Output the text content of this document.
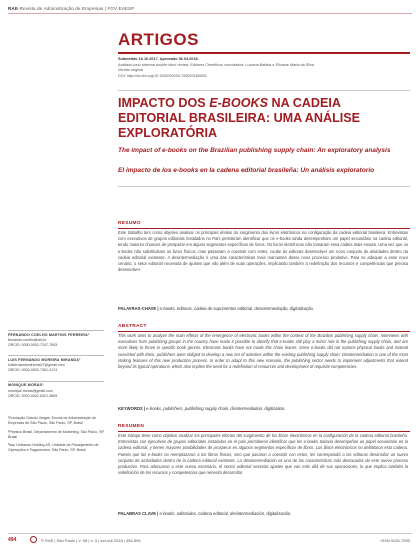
RAE-Revista de Administração de Empresas | FGV EAESP
ARTIGOS
Submetido 16.10.2017. Aprovado 06.04.2018.
Avaliado pelo sistema double blind review. Editores Científicos convidados: Luciana Batista e Eliciane Maria da Silva
Versão original
DOI: http://dx.doi.org/10.1590/S0034-759020180605
IMPACTO DOS E-BOOKS NA CADEIA EDITORIAL BRASILEIRA: UMA ANÁLISE EXPLORATÓRIA
The impact of e-books on the Brazilian publishing supply chain: An exploratory analysis
El impacto de los e-books en la cadena editorial brasileña: Un análisis exploratorio
RESUMO
Este trabalho tem como objetivo analisar os principais efeitos do surgimento dos livros eletrônicos na configuração da cadeia editorial brasileira. Entrevistas com executivos de grupos editoriais instalados no País permitiram identificar que os e-books ainda desempenham um papel secundário na cadeia editorial, tendo maiores chances de prosperar em alguns segmentos específicos de livros. Os livros eletrônicos não tomaram essa cadeia mais enxuta. Uma vez que os e-books não substituíram os livros físicos, mas passaram a coexistir com estes, coube às editoras desenvolver um novo conjunto de atividades dentro da cadeia editorial existente. A desintermediação é uma das características mais marcantes desse novo processo produtivo. Para se adequar a esse novo cenário, o setor editorial necessita de ajustes que vão além de suas operações, implicando também a redefinição dos recursos e competências que precisa desenvolver.
PALAVRAS-CHAVE | e-books, editoras, cadeia de suprimentos editorial, desintermediação, digitalização.
ABSTRACT
This work aims to analyze the main effects of the emergence of electronic books within the context of the Brazilian publishing supply chain. Interviews with executives from publishing groups in the country have made it possible to identify that e-books still play a minor role in the publishing supply chain, and are more likely to thrive in specific book genres. Electronic books have not made this chain leaner. Since e-books did not replace physical books and instead coexisted with them, publishers were obliged to develop a new set of activities within the existing publishing supply chain. Disintermediation is one of the most striking features of this new production process. In order to adapt to this new scenario, the publishing sector needs to implement adjustments that extend beyond its typical operations, which also implies the need for a redefinition of resources and development of requisite competencies.
KEYWORDS | e-books, publishers, publishing supply chain, disintermediation, digitization.
RESUMEN
Este trabajo tiene como objetivo analizar los principales efectos del surgimiento de los libros electrónicos en la configuración de la cadena editorial brasileña. Entrevistas con ejecutivos de grupos editoriales instalados en el país permitieron identificar que los e-books todavía desempeñan un papel secundario en la cadena editorial, y tienen mayores posibilidades de prosperar en algunos segmentos específicos de libros. Los libros electrónicos no debilitaron esta cadena. Puesto que los e-books no reemplazaron a los libros físicos, sino que pasaron a coexistir con estos, les correspondió a las editoras desarrollar un nuevo conjunto de actividades dentro de la cadena editorial existente. La desintermediación es una de las características más destacadas de este nuevo proceso productivo. Para adecuarse a este nuevo escenario, el sector editorial necesita ajustes que van más allá de sus operaciones, lo que implica también la redefinición de los recursos y competencias que necesita desarrollar.
PALABRAS CLAVE | e-books, editoriales, cadena editorial, desintermediación, digitalización.
FERNANDO COELHO MARTINS FERREIRA¹
fernando.coelho@ufrj.br
ORCID: 0000-0002-7247-7693
LUIS FERNANDO MOREIRA MIRANDA²
luisfernandomiranda27@gmail.com
ORCID: 0000-0002-7361-4174
MONIQUE MORAS³
monique.moras@gmail.com
ORCID: 0000-0002-8321-3659

¹Fundação Getulio Vargas, Escola de Administração de Empresas de São Paulo, São Paulo, SP, Brasil

²Pepsico Brasil, Departamento de Marketing, São Paulo, SP, Brasil

³Itau Unibanco Holding AS, Unidade de Planejamento de Operações e Pagamentos, São Paulo, SP, Brasil

494	© RAE | São Paulo | V. 58 | n. 5 | set-out 2018 | 494-505	ISSN 0034-7590
